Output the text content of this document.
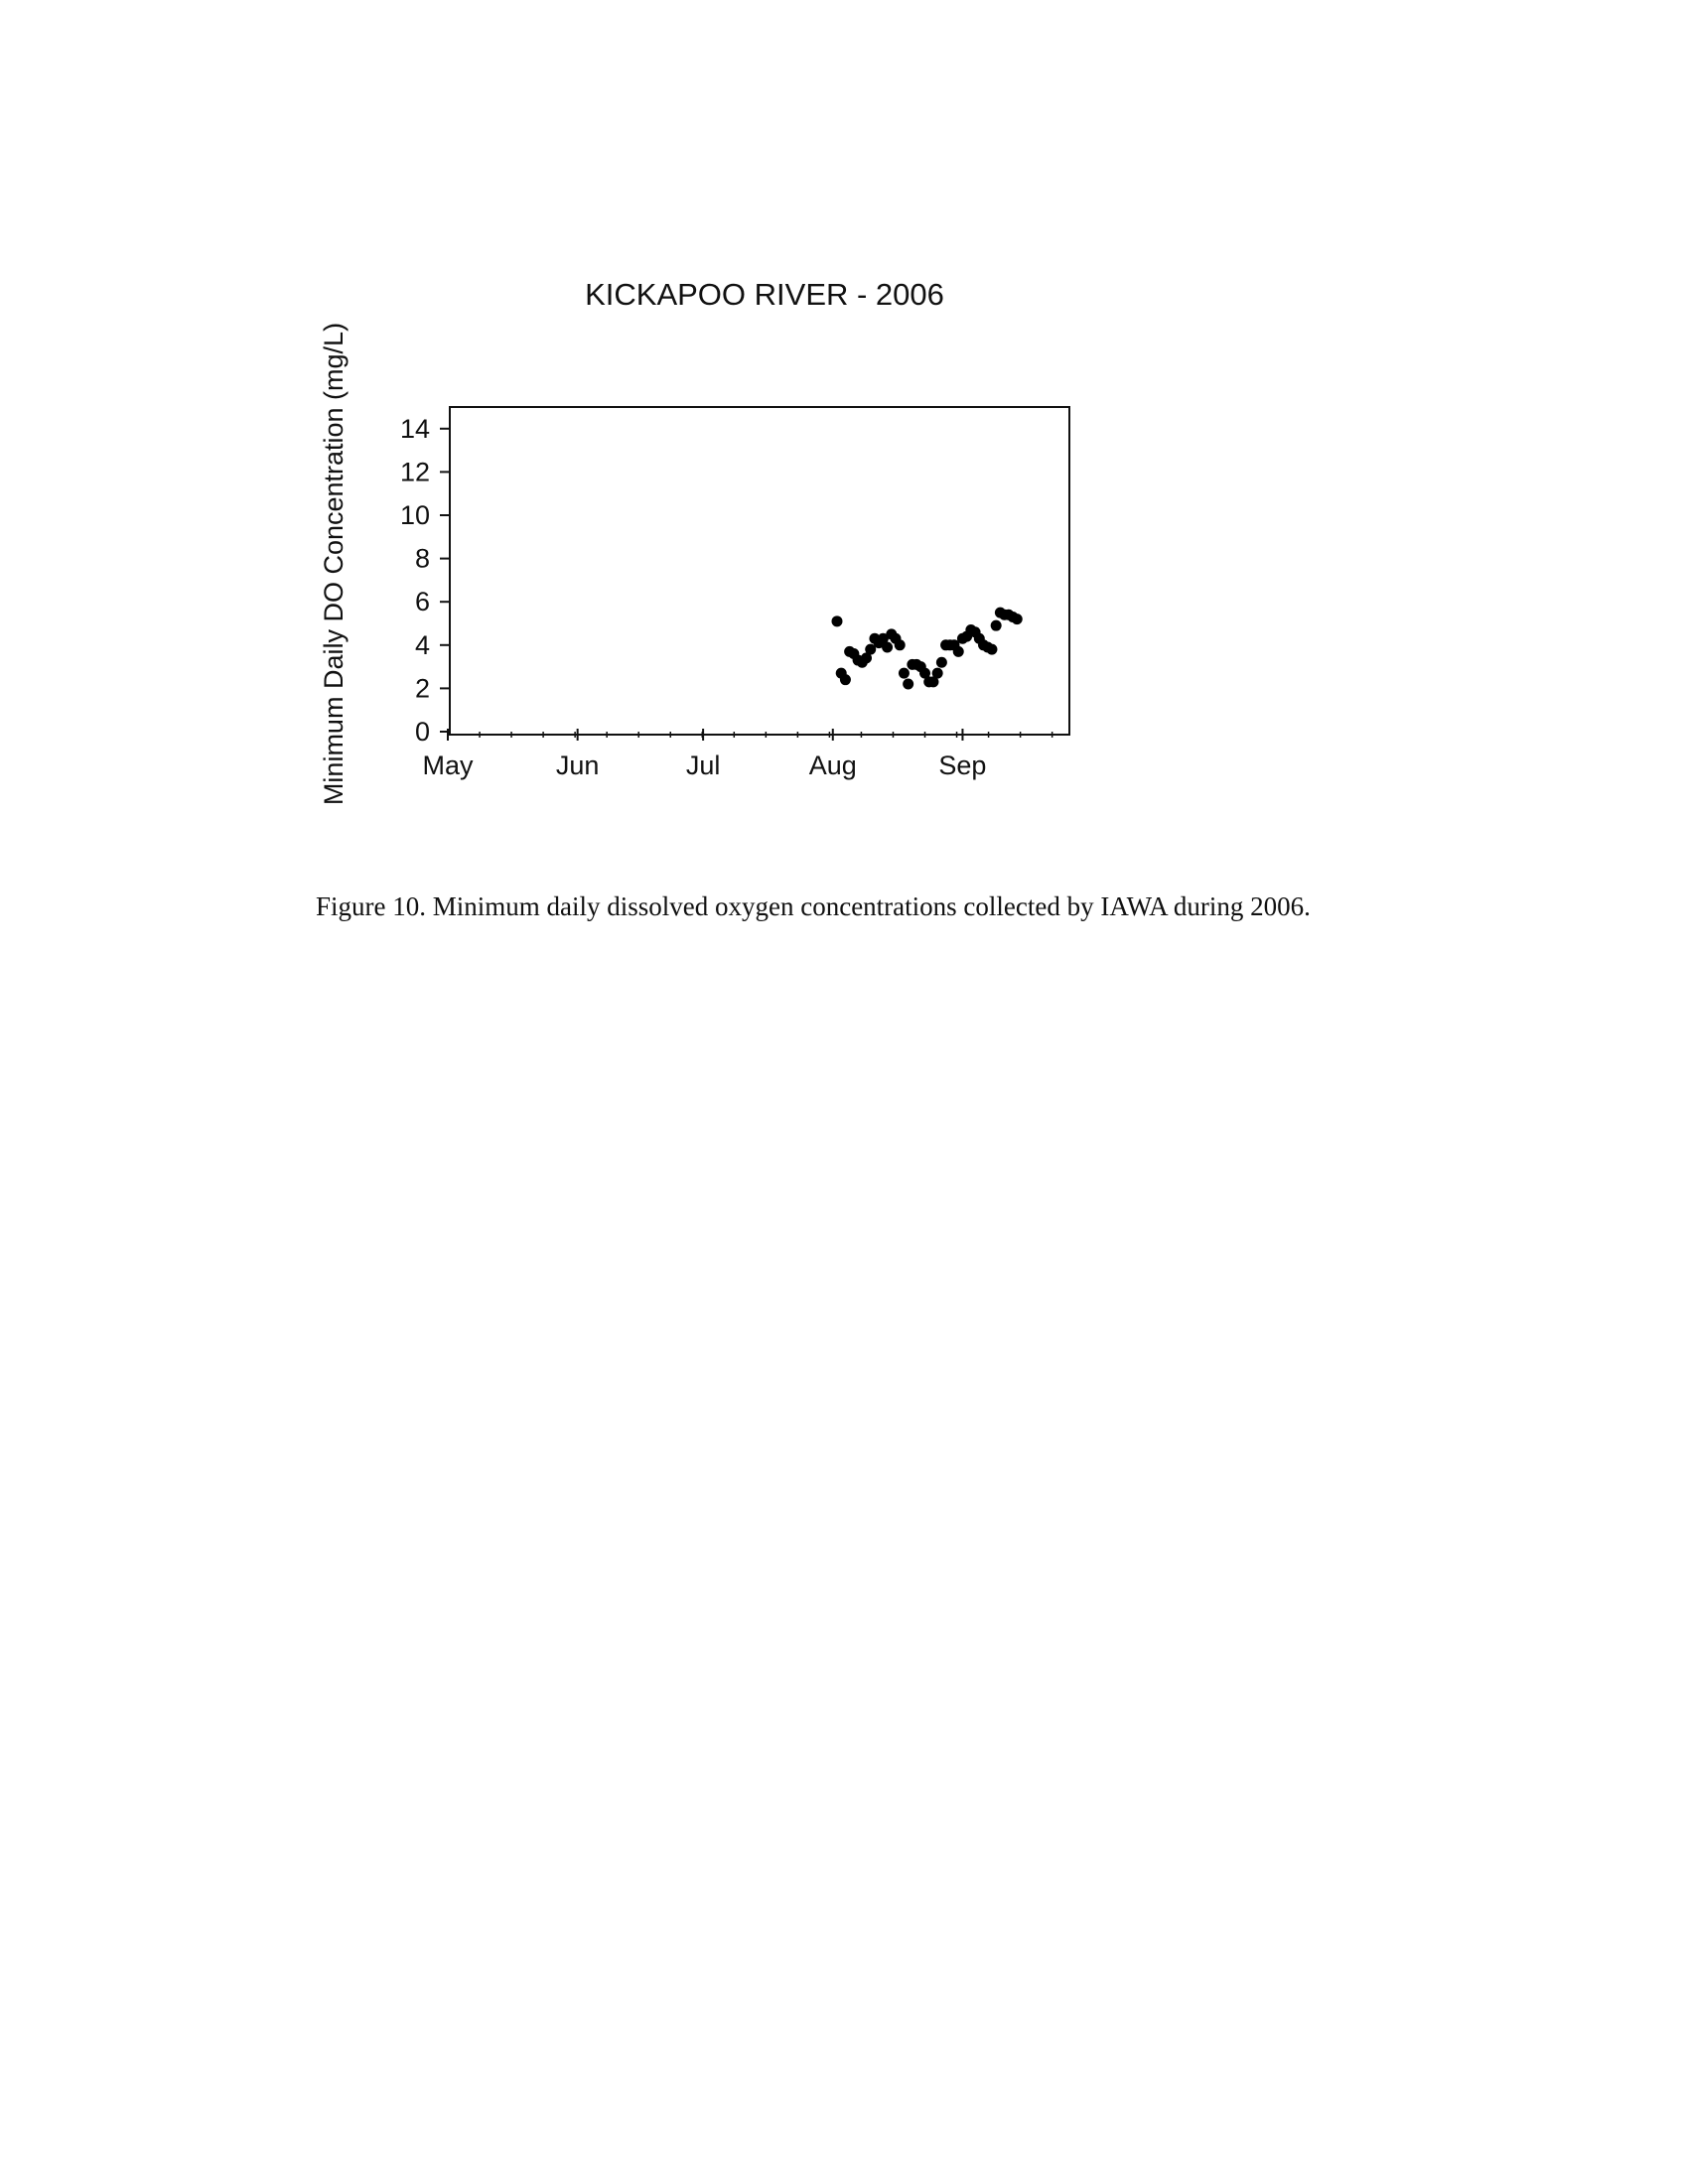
KICKAPOO RIVER - 2006
Minimum Daily DO Concentration (mg/L) 0
2
4
6
8
10
12
14
May	Jun	Jul	Aug	Sep

Figure 10. Minimum daily dissolved oxygen concentrations collected by IAWA during 2006.
